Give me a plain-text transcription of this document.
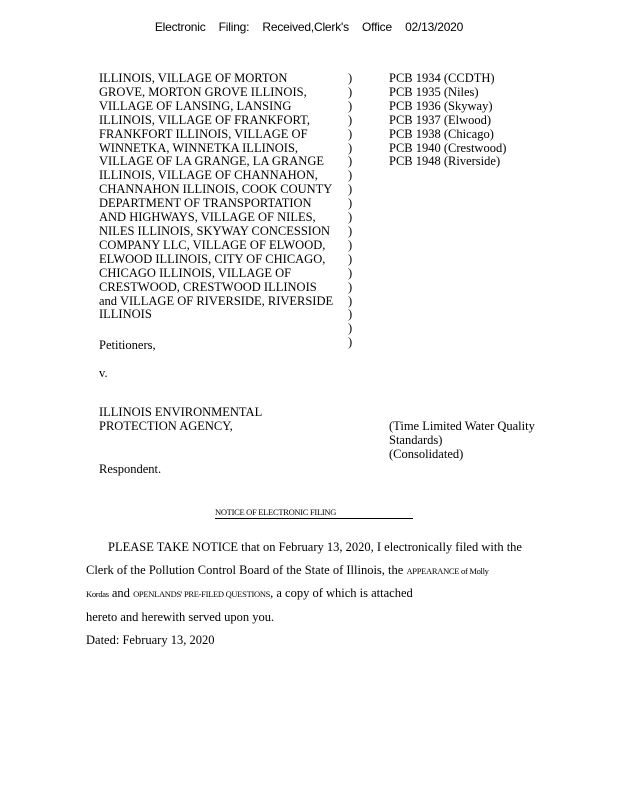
Electronic Filing: Received,Clerk's Office 02/13/2020
ILLINOIS, VILLAGE OF MORTON
GROVE, MORTON GROVE ILLINOIS,
VILLAGE OF LANSING, LANSING
ILLINOIS, VILLAGE OF FRANKFORT,
FRANKFORT ILLINOIS, VILLAGE OF
WINNETKA, WINNETKA ILLINOIS,
VILLAGE OF LA GRANGE, LA GRANGE
ILLINOIS, VILLAGE OF CHANNAHON,
CHANNAHON ILLINOIS, COOK COUNTY
DEPARTMENT OF TRANSPORTATION
AND HIGHWAYS, VILLAGE OF NILES,
NILES ILLINOIS, SKYWAY CONCESSION
COMPANY LLC, VILLAGE OF ELWOOD,
ELWOOD ILLINOIS, CITY OF CHICAGO,
CHICAGO ILLINOIS, VILLAGE OF
CRESTWOOD, CRESTWOOD ILLINOIS
and VILLAGE OF RIVERSIDE, RIVERSIDE
ILLINOIS
)
)
)
)
)
)
)
)
)
)
)
)
)
)
)
)
)
)
)
)
PCB 1934 (CCDTH)
PCB 1935 (Niles)
PCB 1936 (Skyway)
PCB 1937 (Elwood)
PCB 1938 (Chicago)
PCB 1940 (Crestwood)
PCB 1948 (Riverside)
Petitioners,
v.
ILLINOIS ENVIRONMENTAL
PROTECTION AGENCY,	(Time Limited Water Quality
Standards)
(Consolidated)
Respondent.
NOTICE OF ELECTRONIC FILING

PLEASE TAKE NOTICE that on February 13, 2020, I electronically filed with the

Clerk of the Pollution Control Board of the State of Illinois, the APPEARANCE of Molly

Kordas and OPENLANDS' PRE-FILED QUESTIONS, a copy of which is attached

hereto and herewith served upon you.

Dated: February 13, 2020
